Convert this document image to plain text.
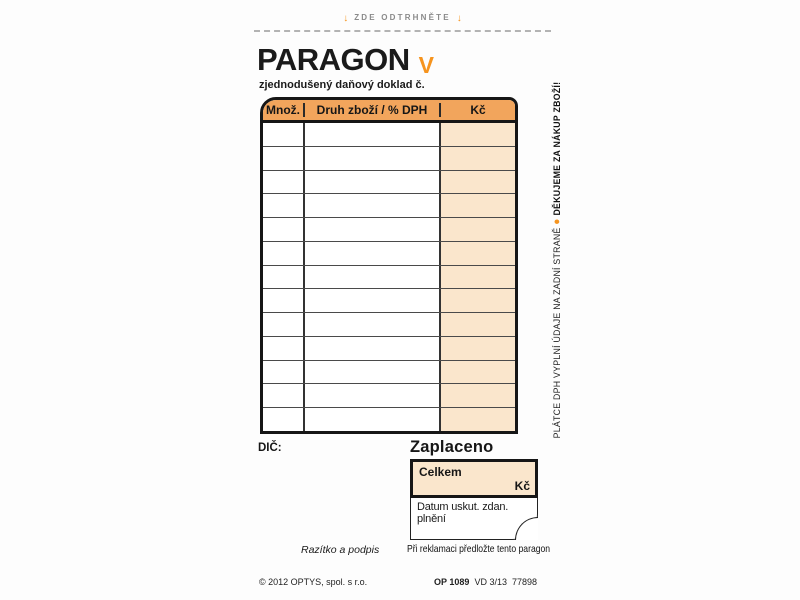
↓ ZDE ODTRHNĚTE ↓
PARAGON V
zjednodušený daňový doklad č.
Množ.	Druh zboží / % DPH	Kč
PLÁTCE DPH VYPLNÍ ÚDAJE NA ZADNÍ STRANĚ●DĚKUJEME ZA NÁKUP ZBOŽÍ!
DIČ:	Zaplaceno
Celkem
Kč
Datum uskut. zdan. plnění
Razítko a podpis	Při reklamaci předložte tento paragon
© 2012 OPTYS, spol. s r.o.	OP 1089 VD 3/13  77898
